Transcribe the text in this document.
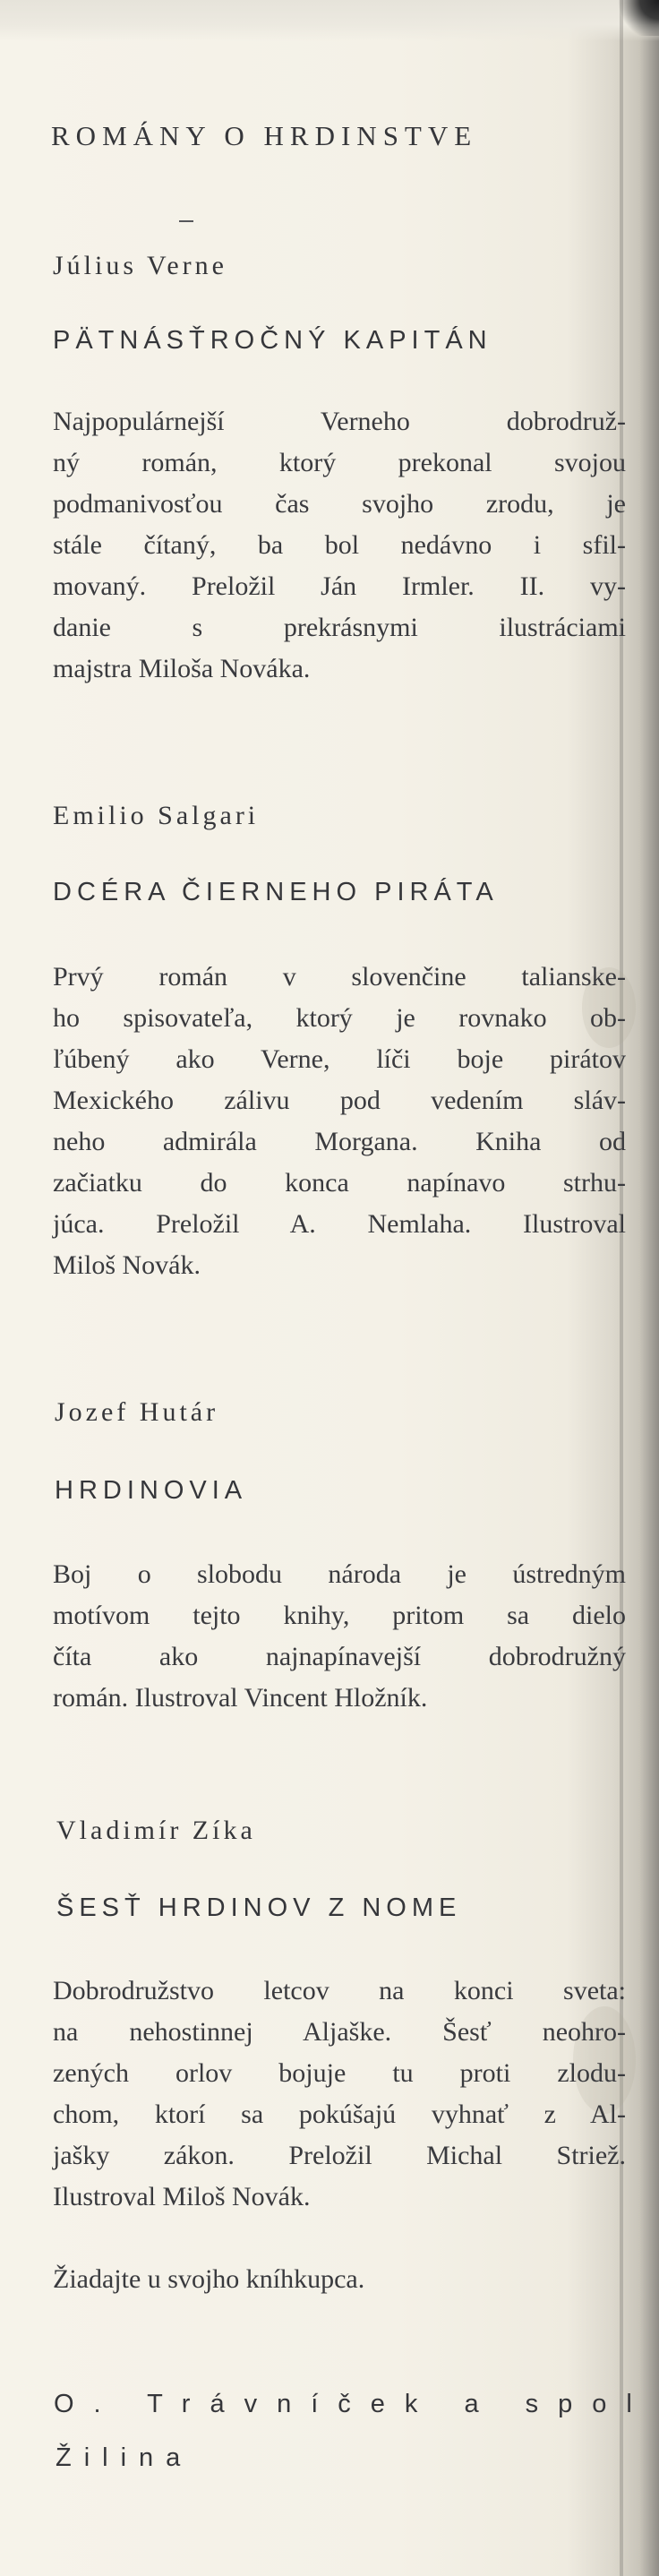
ROMÁNY O HRDINSTVE
Július Verne
PÄTNÁSŤROČNÝ KAPITÁN
Najpopulárnejší Verneho dobrodruž-
ný román, ktorý prekonal svojou
podmanivosťou čas svojho zrodu, je
stále čítaný, ba bol nedávno i sfil-
movaný. Preložil Ján Irmler. II. vy-
danie s prekrásnymi ilustráciami
majstra Miloša Nováka.
Emilio Salgari
DCÉRA ČIERNEHO PIRÁTA
Prvý román v slovenčine talianske-
ho spisovateľa, ktorý je rovnako ob-
ľúbený ako Verne, líči boje pirátov
Mexického zálivu pod vedením sláv-
neho admirála Morgana. Kniha od
začiatku do konca napínavo strhu-
júca. Preložil A. Nemlaha. Ilustroval
Miloš Novák.
Jozef Hutár
HRDINOVIA
Boj o slobodu národa je ústredným
motívom tejto knihy, pritom sa dielo
číta ako najnapínavejší dobrodružný
román. Ilustroval Vincent Hložník.
Vladimír Zíka
ŠESŤ HRDINOV Z NOME
Dobrodružstvo letcov na konci sveta:
na nehostinnej Aljaške. Šesť neohro-
zených orlov bojuje tu proti zlodu-
chom, ktorí sa pokúšajú vyhnať z Al-
jašky zákon. Preložil Michal Striež.
Ilustroval Miloš Novák.
Žiadajte u svojho kníhkupca.
O. Trávníček a spol
Žilina
